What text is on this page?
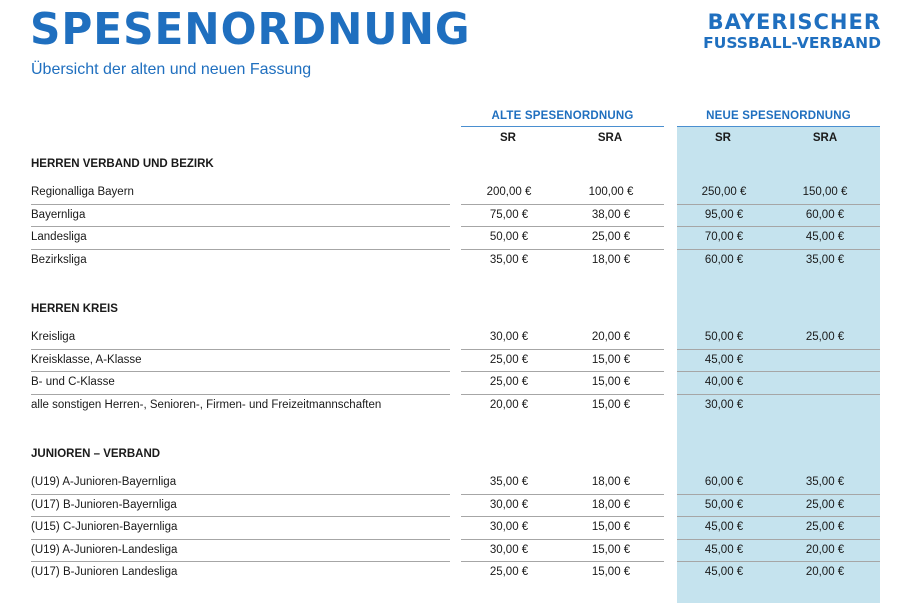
SPESENORDNUNG
Übersicht der alten und neuen Fassung
BAYERISCHER
FUSSBALL-VERBAND
ALTE SPESENORDNUNG	NEUE SPESENORDNUNG
SR	SRA	SR	SRA
HERREN VERBAND UND BEZIRK
Regionalliga Bayern	200,00 €	100,00 €	250,00 €	150,00 €
Bayernliga	75,00 €	38,00 €	95,00 €	60,00 €
Landesliga	50,00 €	25,00 €	70,00 €	45,00 €
Bezirksliga	35,00 €	18,00 €	60,00 €	35,00 €
HERREN KREIS
Kreisliga	30,00 €	20,00 €	50,00 €	25,00 €
Kreisklasse, A-Klasse	25,00 €	15,00 €	45,00 €
B- und C-Klasse	25,00 €	15,00 €	40,00 €
alle sonstigen Herren-, Senioren-, Firmen- und Freizeitmannschaften	20,00 €	15,00 €	30,00 €
JUNIOREN – VERBAND
(U19) A-Junioren-Bayernliga	35,00 €	18,00 €	60,00 €	35,00 €
(U17) B-Junioren-Bayernliga	30,00 €	18,00 €	50,00 €	25,00 €
(U15) C-Junioren-Bayernliga	30,00 €	15,00 €	45,00 €	25,00 €
(U19) A-Junioren-Landesliga	30,00 €	15,00 €	45,00 €	20,00 €
(U17) B-Junioren Landesliga	25,00 €	15,00 €	45,00 €	20,00 €
